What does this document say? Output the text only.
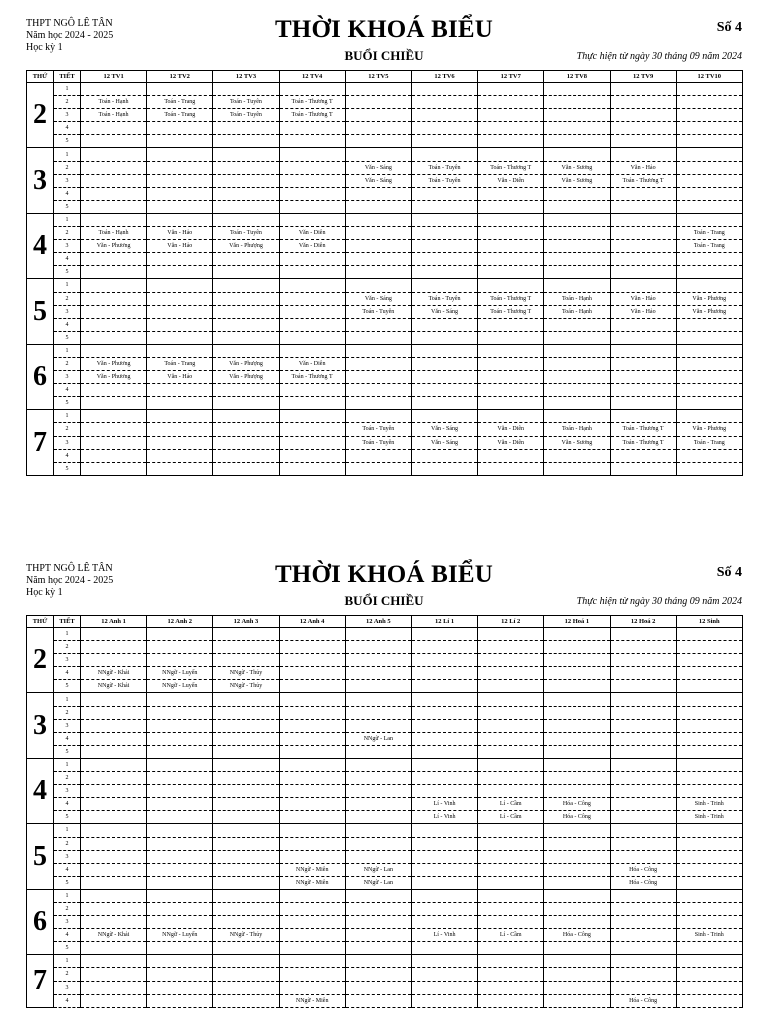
THPT NGÔ LÊ TÂN
Năm học 2024 - 2025
Học kỳ 1
THỜI KHOÁ BIỂU
BUỔI CHIỀU
Số 4
Thực hiện từ ngày 30 tháng 09 năm 2024
THỨ	TIẾT	12 TV1	12 TV2	12 TV3	12 TV4	12 TV5	12 TV6	12 TV7	12 TV8	12 TV9	12 TV10
2	1										
	2	Toán - Hạnh	Toán - Trang	Toán - Tuyên	Toán - Thương T						
	3	Toán - Hạnh	Toán - Trang	Toán - Tuyên	Toán - Thương T						
	4										
	5										
3	1										
	2					Văn - Sáng	Toán - Tuyên	Toán - Thương T	Văn - Sương	Văn - Hảo	
	3					Văn - Sáng	Toán - Tuyên	Văn - Diên	Văn - Sương	Toán - Thương T	
	4										
	5										
4	1										
	2	Toán - Hạnh	Văn - Hảo	Toán - Tuyên	Văn - Diên						Toán - Trang
	3	Văn - Phương	Văn - Hảo	Văn - Phượng	Văn - Diên						Toán - Trang
	4										
	5										
5	1										
	2					Văn - Sáng	Toán - Tuyên	Toán - Thương T	Toán - Hạnh	Văn - Hảo	Văn - Phương
	3					Toán - Tuyên	Văn - Sáng	Toán - Thương T	Toán - Hạnh	Văn - Hảo	Văn - Phương
	4										
	5										
6	1										
	2	Văn - Phương	Toán - Trang	Văn - Phượng	Văn - Diên						
	3	Văn - Phương	Văn - Hảo	Văn - Phượng	Toán - Thương T						
	4										
	5										
7	1										
	2					Toán - Tuyên	Văn - Sáng	Văn - Diên	Toán - Hạnh	Toán - Thương T	Văn - Phương
	3					Toán - Tuyên	Văn - Sáng	Văn - Diên	Văn - Sương	Toán - Thương T	Toán - Trang
	4										
	5										
THPT NGÔ LÊ TÂN
Năm học 2024 - 2025
Học kỳ 1
THỜI KHOÁ BIỂU
BUỔI CHIỀU
Số 4
Thực hiện từ ngày 30 tháng 09 năm 2024
THỨ	TIẾT	12 Anh 1	12 Anh 2	12 Anh 3	12 Anh 4	12 Anh 5	12 Lí 1	12 Lí 2	12 Hoá 1	12 Hoá 2	12 Sinh
2	1										
	2										
	3										
	4	NNgữ - Khải	NNgữ - Luyến	NNgữ - Thủy							
	5	NNgữ - Khải	NNgữ - Luyến	NNgữ - Thủy							
3	1										
	2										
	3										
	4					NNgữ - Lan					
	5										
4	1										
	2										
	3										
	4						Lí - Vinh	Lí - Cầm	Hóa - Công		Sinh - Trinh
	5						Lí - Vinh	Lí - Cầm	Hóa - Công		Sinh - Trinh
5	1										
	2										
	3										
	4				NNgữ - Miên	NNgữ - Lan				Hóa - Công	
	5				NNgữ - Miên	NNgữ - Lan				Hóa - Công	
6	1										
	2										
	3										
	4	NNgữ - Khải	NNgữ - Luyến	NNgữ - Thủy			Lí - Vinh	Lí - Cầm	Hóa - Công		Sinh - Trinh
	5										
7	1										
	2										
	3										
	4				NNgữ - Miên					Hóa - Công	
